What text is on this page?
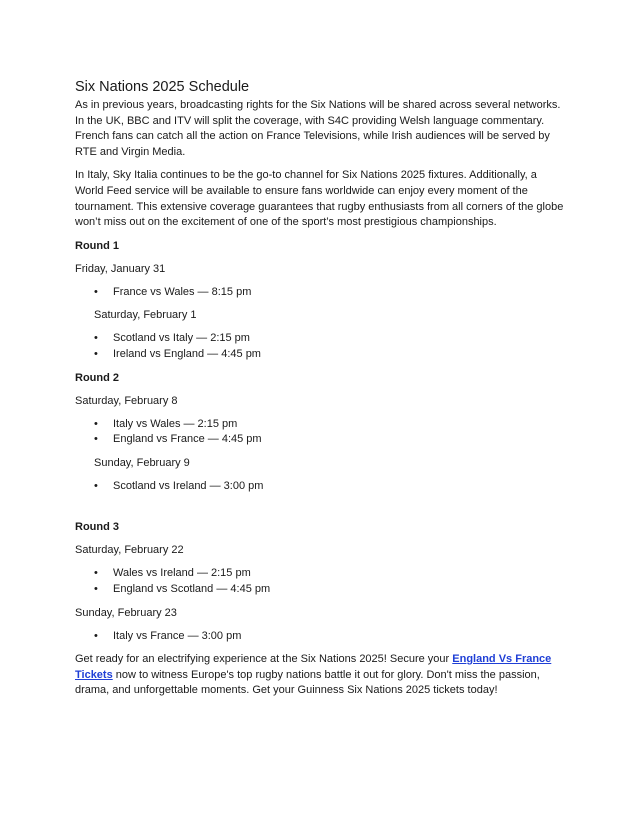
Six Nations 2025 Schedule

As in previous years, broadcasting rights for the Six Nations will be shared across several networks. In the UK, BBC and ITV will split the coverage, with S4C providing Welsh language commentary. French fans can catch all the action on France Televisions, while Irish audiences will be served by RTE and Virgin Media.

In Italy, Sky Italia continues to be the go-to channel for Six Nations 2025 fixtures. Additionally, a World Feed service will be available to ensure fans worldwide can enjoy every moment of the tournament. This extensive coverage guarantees that rugby enthusiasts from all corners of the globe won’t miss out on the excitement of one of the sport’s most prestigious championships.

Round 1
Friday, January 31
• France vs Wales — 8:15 pm
Saturday, February 1
• Scotland vs Italy — 2:15 pm
• Ireland vs England — 4:45 pm
Round 2
Saturday, February 8
• Italy vs Wales — 2:15 pm
• England vs France — 4:45 pm
Sunday, February 9
• Scotland vs Ireland — 3:00 pm
Round 3
Saturday, February 22
• Wales vs Ireland — 2:15 pm
• England vs Scotland — 4:45 pm
Sunday, February 23
• Italy vs France — 3:00 pm

Get ready for an electrifying experience at the Six Nations 2025! Secure your England Vs France Tickets now to witness Europe's top rugby nations battle it out for glory. Don't miss the passion, drama, and unforgettable moments. Get your Guinness Six Nations 2025 tickets today!
